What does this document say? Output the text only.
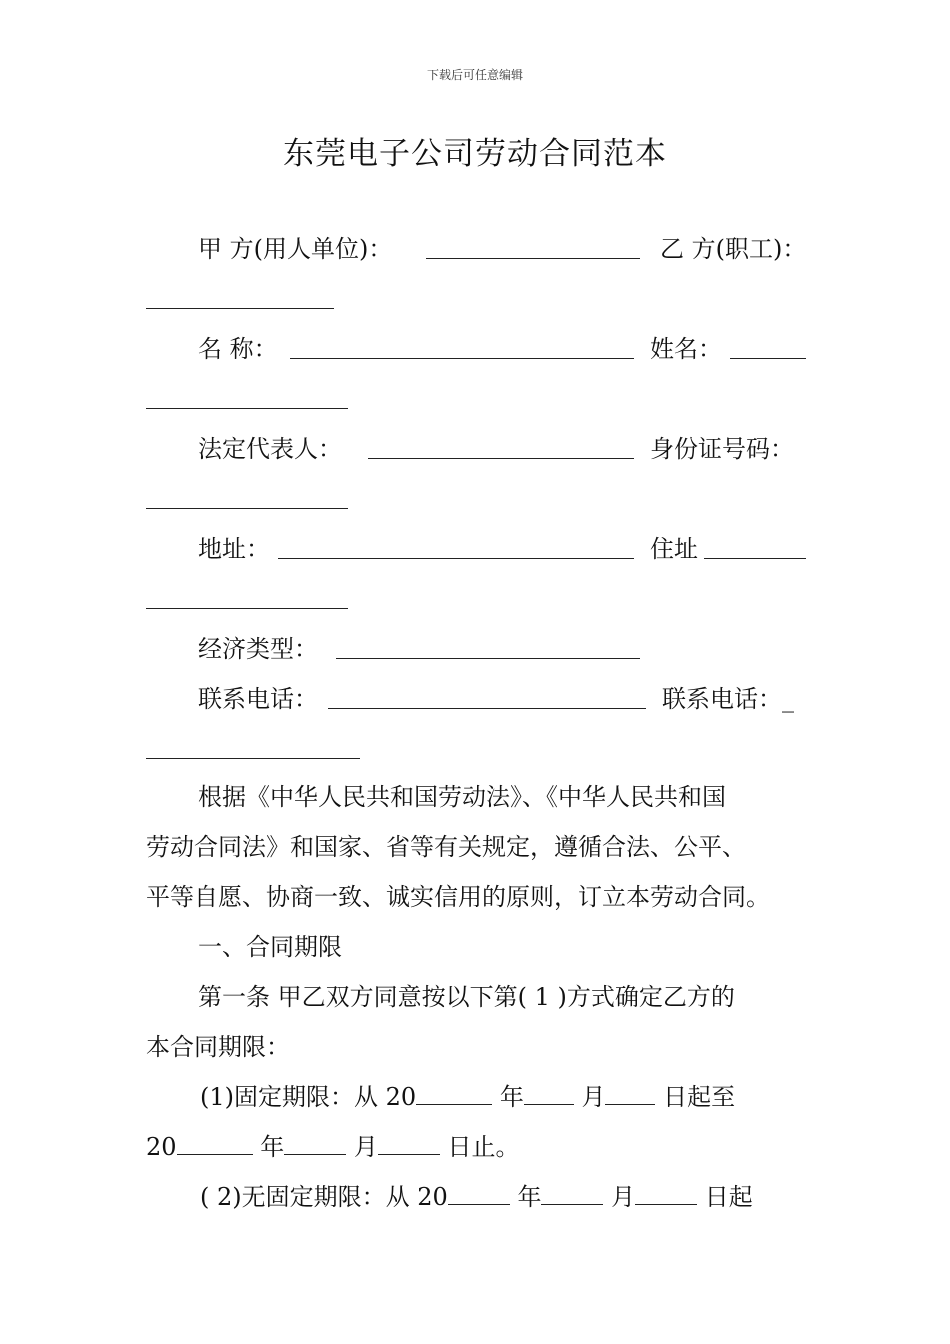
下载后可任意编辑
东莞电子公司劳动合同范本
甲 方(用人单位)：	乙 方(职工)：
名 称：	姓名：
法定代表人：	身份证号码：
地址：	住址
经济类型：
联系电话：	联系电话：_
根据《中华人民共和国劳动法》、《中华人民共和国
劳动合同法》和国家、省等有关规定，遵循合法、公平、
平等自愿、协商一致、诚实信用的原则，订立本劳动合同。
一、合同期限
第一条 甲乙双方同意按以下第( 1 )方式确定乙方的
本合同期限：
(1)固定期限：从 20	年 月 日起至
20	年	月	日止。
( 2)无固定期限：从 20	年	月	日起
